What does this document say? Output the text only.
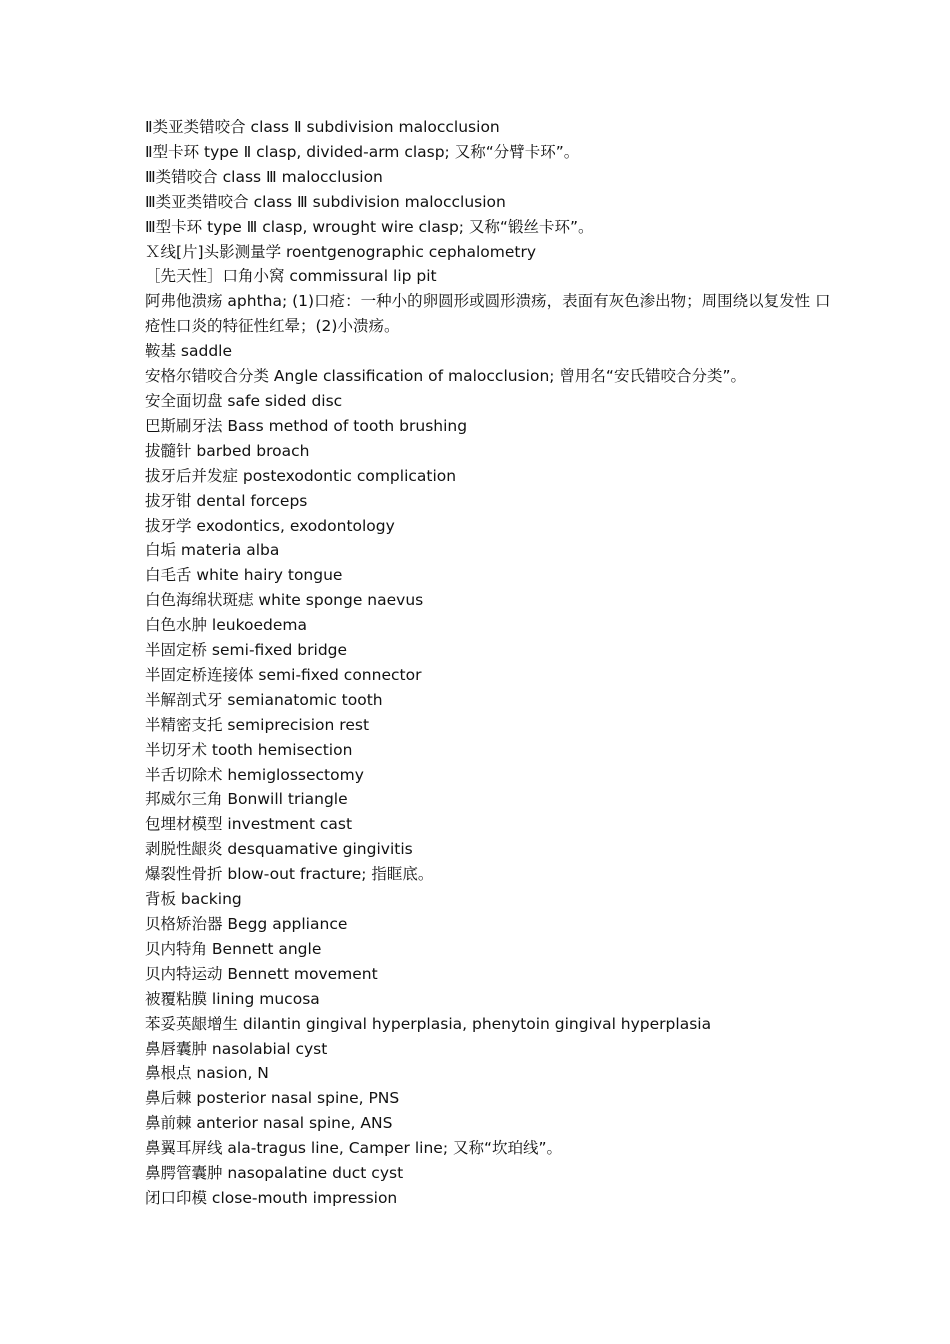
Ⅱ类亚类错咬合 class Ⅱ subdivision malocclusion

Ⅱ型卡环 type Ⅱ clasp, divided-arm clasp; 又称“分臂卡环”。

Ⅲ类错咬合 class Ⅲ malocclusion

Ⅲ类亚类错咬合 class Ⅲ subdivision malocclusion

Ⅲ型卡环 type Ⅲ clasp, wrought wire clasp; 又称“锻丝卡环”。

Ｘ线[片]头影测量学 roentgenographic cephalometry

［先天性］口角小窝 commissural lip pit

阿弗他溃疡 aphtha; (1)口疮：一种小的卵圆形或圆形溃疡，表面有灰色渗出物；周围绕以复发性 口疮性口炎的特征性红晕；(2)小溃疡。

鞍基 saddle

安格尔错咬合分类 Angle classification of malocclusion; 曾用名“安氏错咬合分类”。

安全面切盘 safe sided disc

巴斯刷牙法 Bass method of tooth brushing

拔髓针 barbed broach

拔牙后并发症 postexodontic complication

拔牙钳 dental forceps

拔牙学 exodontics, exodontology

白垢 materia alba

白毛舌 white hairy tongue

白色海绵状斑痣 white sponge naevus

白色水肿 leukoedema

半固定桥 semi-fixed bridge

半固定桥连接体 semi-fixed connector

半解剖式牙 semianatomic tooth

半精密支托 semiprecision rest

半切牙术 tooth hemisection

半舌切除术 hemiglossectomy

邦威尔三角 Bonwill triangle

包埋材模型 investment cast

剥脱性龈炎 desquamative gingivitis

爆裂性骨折 blow-out fracture; 指眶底。

背板 backing

贝格矫治器 Begg appliance

贝内特角 Bennett angle

贝内特运动 Bennett movement

被覆粘膜 lining mucosa

苯妥英龈增生 dilantin gingival hyperplasia, phenytoin gingival hyperplasia

鼻唇囊肿 nasolabial cyst

鼻根点 nasion, N

鼻后棘 posterior nasal spine, PNS

鼻前棘 anterior nasal spine, ANS

鼻翼耳屏线 ala-tragus line, Camper line; 又称“坎珀线”。

鼻腭管囊肿 nasopalatine duct cyst

闭口印模 close-mouth impression
